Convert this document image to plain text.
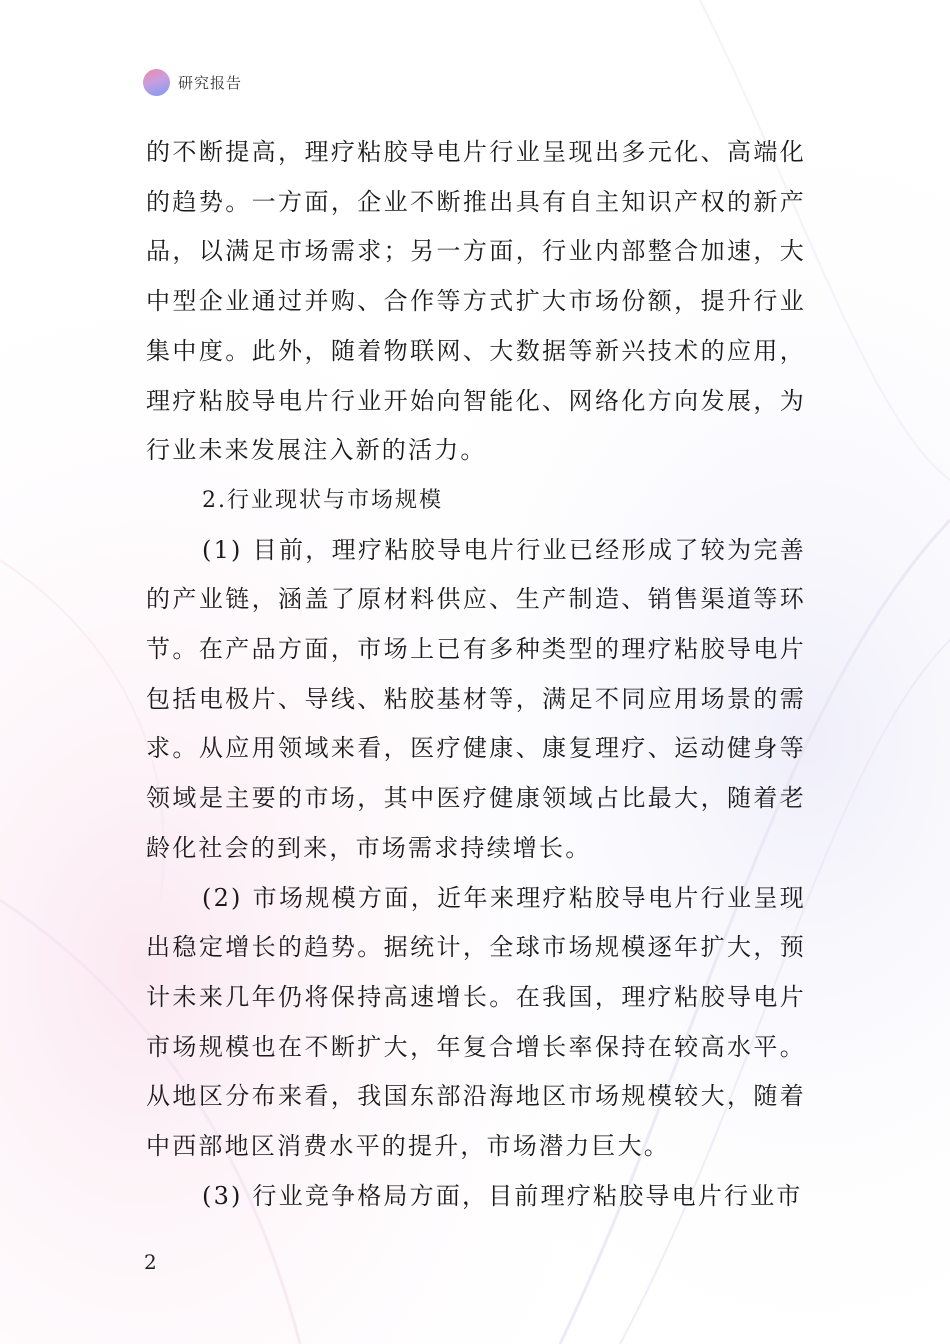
研究报告

的不断提高，理疗粘胶导电片行业呈现出多元化、高端化的趋势。一方面，企业不断推出具有自主知识产权的新产品，以满足市场需求；另一方面，行业内部整合加速，大中型企业通过并购、合作等方式扩大市场份额，提升行业集中度。此外，随着物联网、大数据等新兴技术的应用，理疗粘胶导电片行业开始向智能化、网络化方向发展，为行业未来发展注入新的活力。

2.行业现状与市场规模

(1) 目前，理疗粘胶导电片行业已经形成了较为完善的产业链，涵盖了原材料供应、生产制造、销售渠道等环节。在产品方面，市场上已有多种类型的理疗粘胶导电片包括电极片、导线、粘胶基材等，满足不同应用场景的需求。从应用领域来看，医疗健康、康复理疗、运动健身等领域是主要的市场，其中医疗健康领域占比最大，随着老龄化社会的到来，市场需求持续增长。

(2) 市场规模方面，近年来理疗粘胶导电片行业呈现出稳定增长的趋势。据统计，全球市场规模逐年扩大，预计未来几年仍将保持高速增长。在我国，理疗粘胶导电片市场规模也在不断扩大，年复合增长率保持在较高水平。从地区分布来看，我国东部沿海地区市场规模较大，随着中西部地区消费水平的提升，市场潜力巨大。

(3) 行业竞争格局方面，目前理疗粘胶导电片行业市

2
